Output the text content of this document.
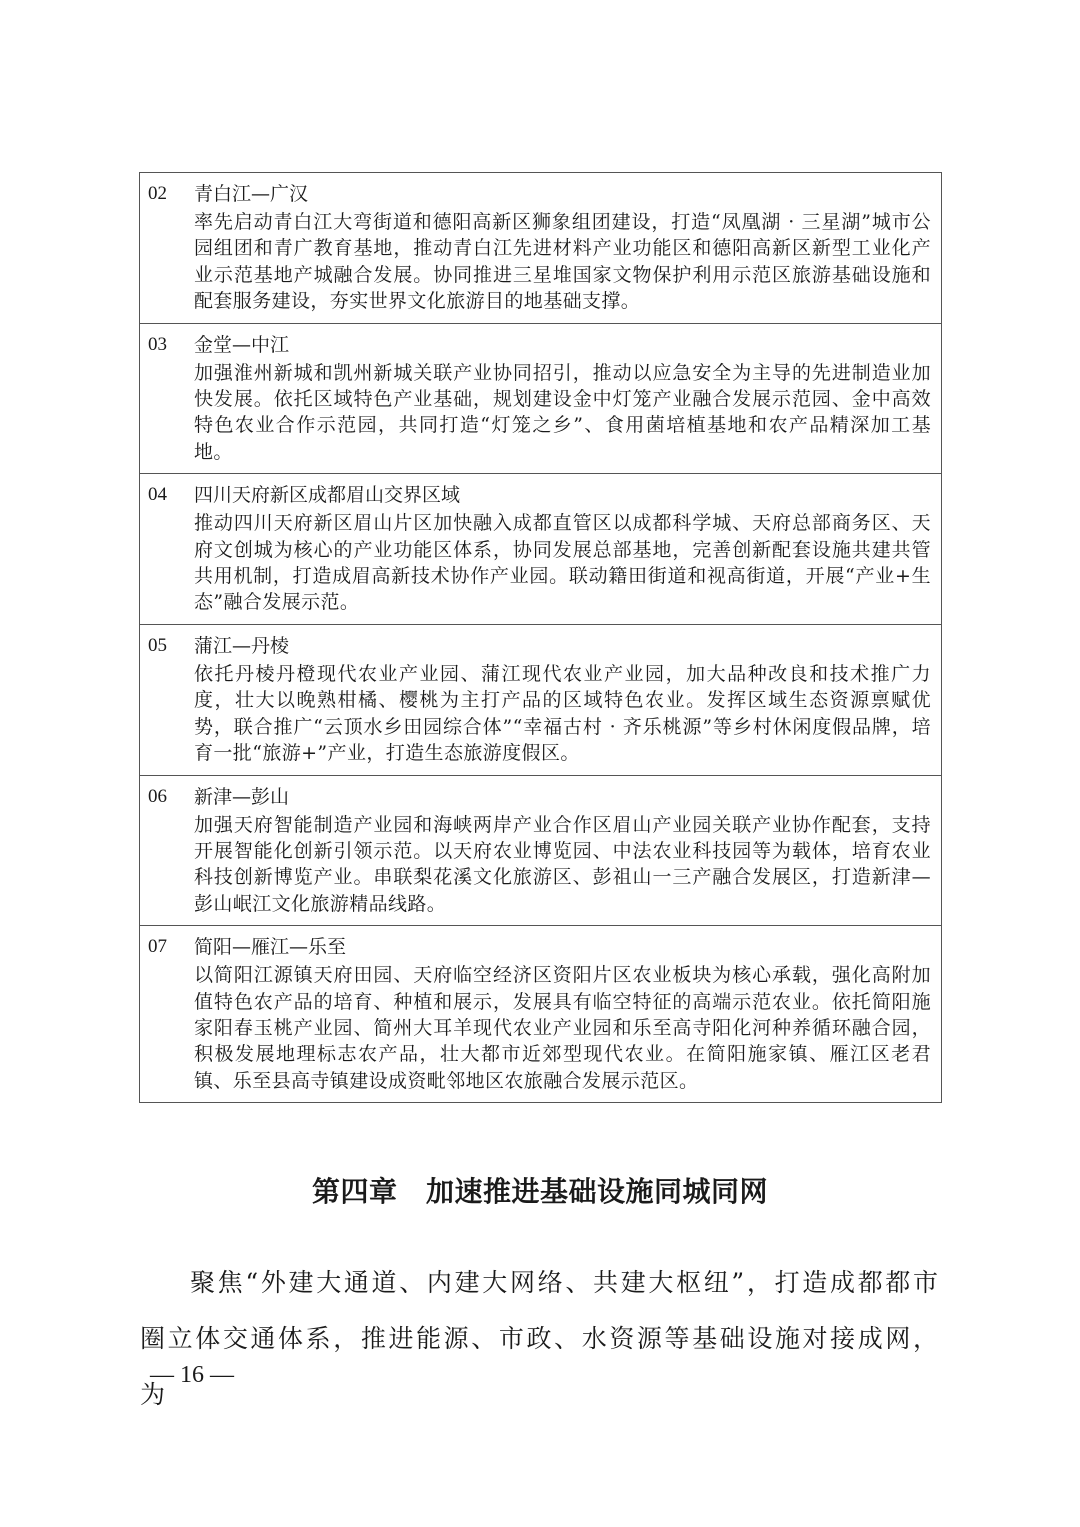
02	青白江—广汉
率先启动青白江大弯街道和德阳高新区狮象组团建设，打造“凤凰湖 · 三星湖”城市公园组团和青广教育基地，推动青白江先进材料产业功能区和德阳高新区新型工业化产业示范基地产城融合发展。协同推进三星堆国家文物保护利用示范区旅游基础设施和配套服务建设，夯实世界文化旅游目的地基础支撑。
03	金堂—中江
加强淮州新城和凯州新城关联产业协同招引，推动以应急安全为主导的先进制造业加快发展。依托区域特色产业基础，规划建设金中灯笼产业融合发展示范园、金中高效特色农业合作示范园，共同打造“灯笼之乡”、食用菌培植基地和农产品精深加工基地。
04	四川天府新区成都眉山交界区域
推动四川天府新区眉山片区加快融入成都直管区以成都科学城、天府总部商务区、天府文创城为核心的产业功能区体系，协同发展总部基地，完善创新配套设施共建共管共用机制，打造成眉高新技术协作产业园。联动籍田街道和视高街道，开展“产业+生态”融合发展示范。
05	蒲江—丹棱
依托丹棱丹橙现代农业产业园、蒲江现代农业产业园，加大品种改良和技术推广力度，壮大以晚熟柑橘、樱桃为主打产品的区域特色农业。发挥区域生态资源禀赋优势，联合推广“云顶水乡田园综合体”“幸福古村 · 齐乐桃源”等乡村休闲度假品牌，培育一批“旅游+”产业，打造生态旅游度假区。
06	新津—彭山
加强天府智能制造产业园和海峡两岸产业合作区眉山产业园关联产业协作配套，支持开展智能化创新引领示范。以天府农业博览园、中法农业科技园等为载体，培育农业科技创新博览产业。串联梨花溪文化旅游区、彭祖山一三产融合发展区，打造新津—彭山岷江文化旅游精品线路。
07	简阳—雁江—乐至
以简阳江源镇天府田园、天府临空经济区资阳片区农业板块为核心承载，强化高附加值特色农产品的培育、种植和展示，发展具有临空特征的高端示范农业。依托简阳施家阳春玉桃产业园、简州大耳羊现代农业产业园和乐至高寺阳化河种养循环融合园，积极发展地理标志农产品，壮大都市近郊型现代农业。在简阳施家镇、雁江区老君镇、乐至县高寺镇建设成资毗邻地区农旅融合发展示范区。
第四章　加速推进基础设施同城同网
聚焦“外建大通道、内建大网络、共建大枢纽”，打造成都都市圈立体交通体系，推进能源、市政、水资源等基础设施对接成网，为
— 16 —
